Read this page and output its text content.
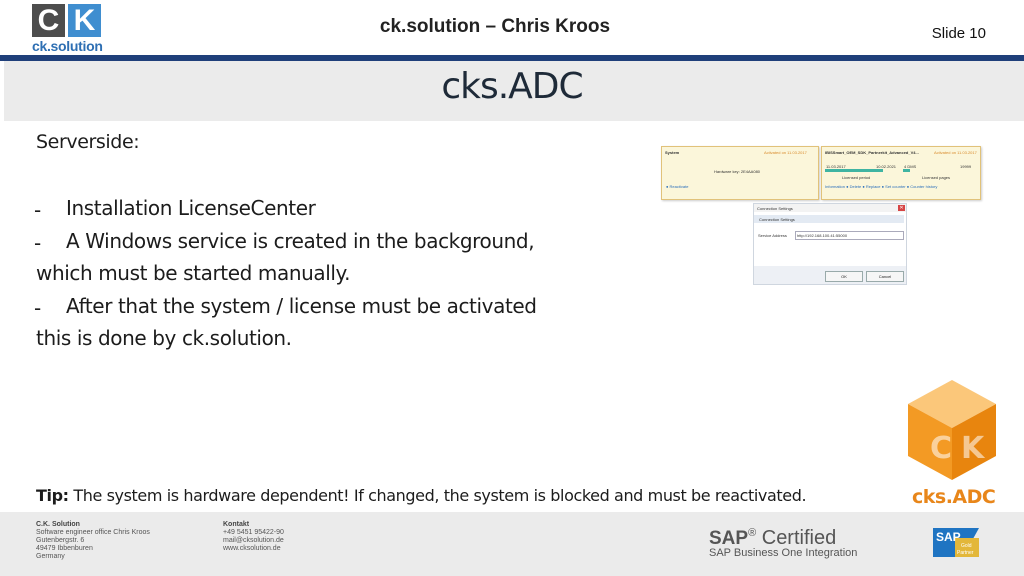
C K
ck.solution
ck.solution – Chris Kroos	Slide 10
cks.ADC
Serverside:
-	Installation LicenseCenter
-	A Windows service is created in the background,
which must be started manually.
-	After that the system / license must be activated
this is done by ck.solution.
System	Activated on 11.03.2017
Hardware key: 2E4AA080
● Reactivate
IBISSmart_OEM_SDK_Partnerkit_Advanced_V4...	Activated on 11.03.2017
11.03.2017	10.02.2021 4 DMS	19999
Licensed period	Licensed pages
Information ● Delete ● Replace ● Set counter ● Counter history
Connection Settings	✕
Connection Settings
Service Address	http://192.168.100.41:55000
OK	Cancel
C K
cks.ADC
Tip: The system is hardware dependent! If changed, the system is blocked and must be reactivated.
C.K. Solution
Software engineer office Chris Kroos
Gutenbergstr. 6
49479 Ibbenburen
Germany
Kontakt
+49 5451 95422-90
mail@cksolution.de
www.cksolution.de	SAP® Certified
SAP Business One Integration
SAP
Gold
Partner
